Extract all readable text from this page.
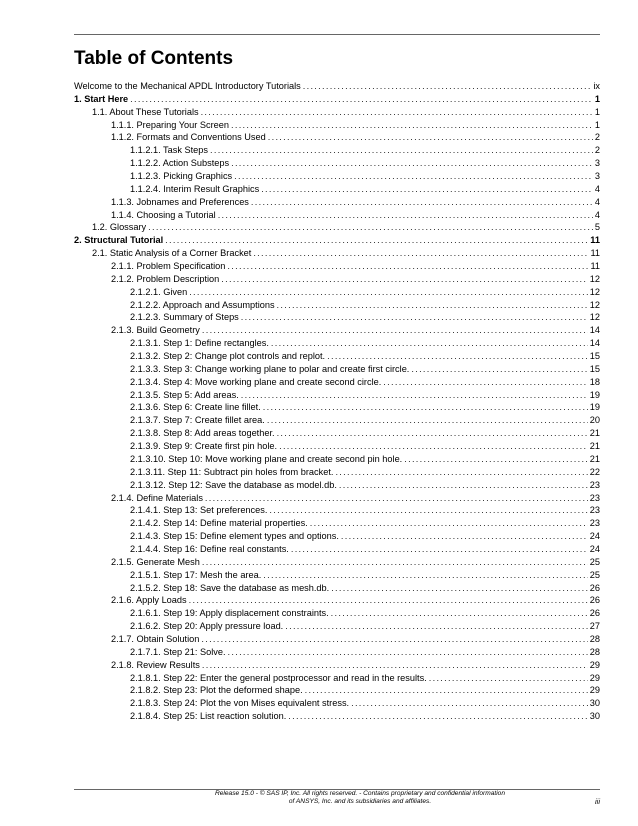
Table of Contents
Welcome to the Mechanical APDL Introductory Tutorials .....	ix
1. Start Here .....	1
1.1. About These Tutorials .....	1
1.1.1. Preparing Your Screen .....	1
1.1.2. Formats and Conventions Used .....	2
1.1.2.1. Task Steps .....	2
1.1.2.2. Action Substeps .....	3
1.1.2.3. Picking Graphics .....	3
1.1.2.4. Interim Result Graphics .....	4
1.1.3. Jobnames and Preferences .....	4
1.1.4. Choosing a Tutorial .....	4
1.2. Glossary .....	5
2. Structural Tutorial .....	11
2.1. Static Analysis of a Corner Bracket .....	11
2.1.1. Problem Specification .....	11
2.1.2. Problem Description .....	12
2.1.2.1. Given .....	12
2.1.2.2. Approach and Assumptions .....	12
2.1.2.3. Summary of Steps .....	12
2.1.3. Build Geometry .....	14
2.1.3.1. Step 1: Define rectangles. .....	14
2.1.3.2. Step 2: Change plot controls and replot. .....	15
2.1.3.3. Step 3: Change working plane to polar and create first circle. .....	15
2.1.3.4. Step 4: Move working plane and create second circle. .....	18
2.1.3.5. Step 5: Add areas. .....	19
2.1.3.6. Step 6: Create line fillet. .....	19
2.1.3.7. Step 7: Create fillet area. .....	20
2.1.3.8. Step 8: Add areas together. .....	21
2.1.3.9. Step 9: Create first pin hole. .....	21
2.1.3.10. Step 10: Move working plane and create second pin hole. .....	21
2.1.3.11. Step 11: Subtract pin holes from bracket. .....	22
2.1.3.12. Step 12: Save the database as model.db. .....	23
2.1.4. Define Materials .....	23
2.1.4.1. Step 13: Set preferences. .....	23
2.1.4.2. Step 14: Define material properties. .....	23
2.1.4.3. Step 15: Define element types and options. .....	24
2.1.4.4. Step 16: Define real constants. .....	24
2.1.5. Generate Mesh .....	25
2.1.5.1. Step 17: Mesh the area. .....	25
2.1.5.2. Step 18: Save the database as mesh.db. .....	26
2.1.6. Apply Loads .....	26
2.1.6.1. Step 19: Apply displacement constraints. .....	26
2.1.6.2. Step 20: Apply pressure load. .....	27
2.1.7. Obtain Solution .....	28
2.1.7.1. Step 21: Solve. .....	28
2.1.8. Review Results .....	29
2.1.8.1. Step 22: Enter the general postprocessor and read in the results. .....	29
2.1.8.2. Step 23: Plot the deformed shape. .....	29
2.1.8.3. Step 24: Plot the von Mises equivalent stress. .....	30
2.1.8.4. Step 25: List reaction solution. .....	30
Release 15.0 - © SAS IP, Inc. All rights reserved. - Contains proprietary and confidential information
of ANSYS, Inc. and its subsidiaries and affiliates.	iii
